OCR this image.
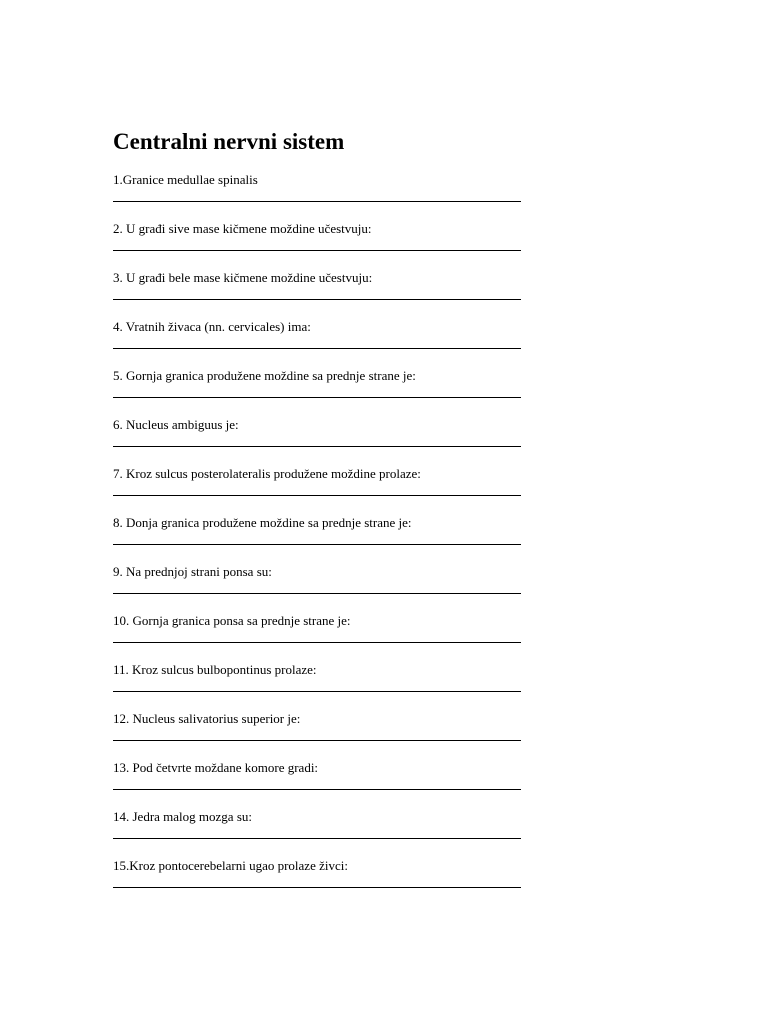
Centralni nervni sistem
1.Granice medullae spinalis
2. U građi sive mase kičmene moždine učestvuju:
3. U građi bele mase kičmene moždine učestvuju:
4. Vratnih živaca (nn. cervicales) ima:
5. Gornja granica produžene moždine sa prednje strane je:
6. Nucleus ambiguus je:
7. Kroz sulcus posterolateralis produžene moždine prolaze:
8. Donja granica produžene moždine sa prednje strane je:
9. Na prednjoj strani ponsa su:
10. Gornja granica ponsa sa prednje strane je:
11. Kroz sulcus bulbopontinus prolaze:
12. Nucleus salivatorius superior je:
13. Pod četvrte moždane komore gradi:
14. Jedra malog mozga su:
15.Kroz pontocerebelarni ugao prolaze živci:
